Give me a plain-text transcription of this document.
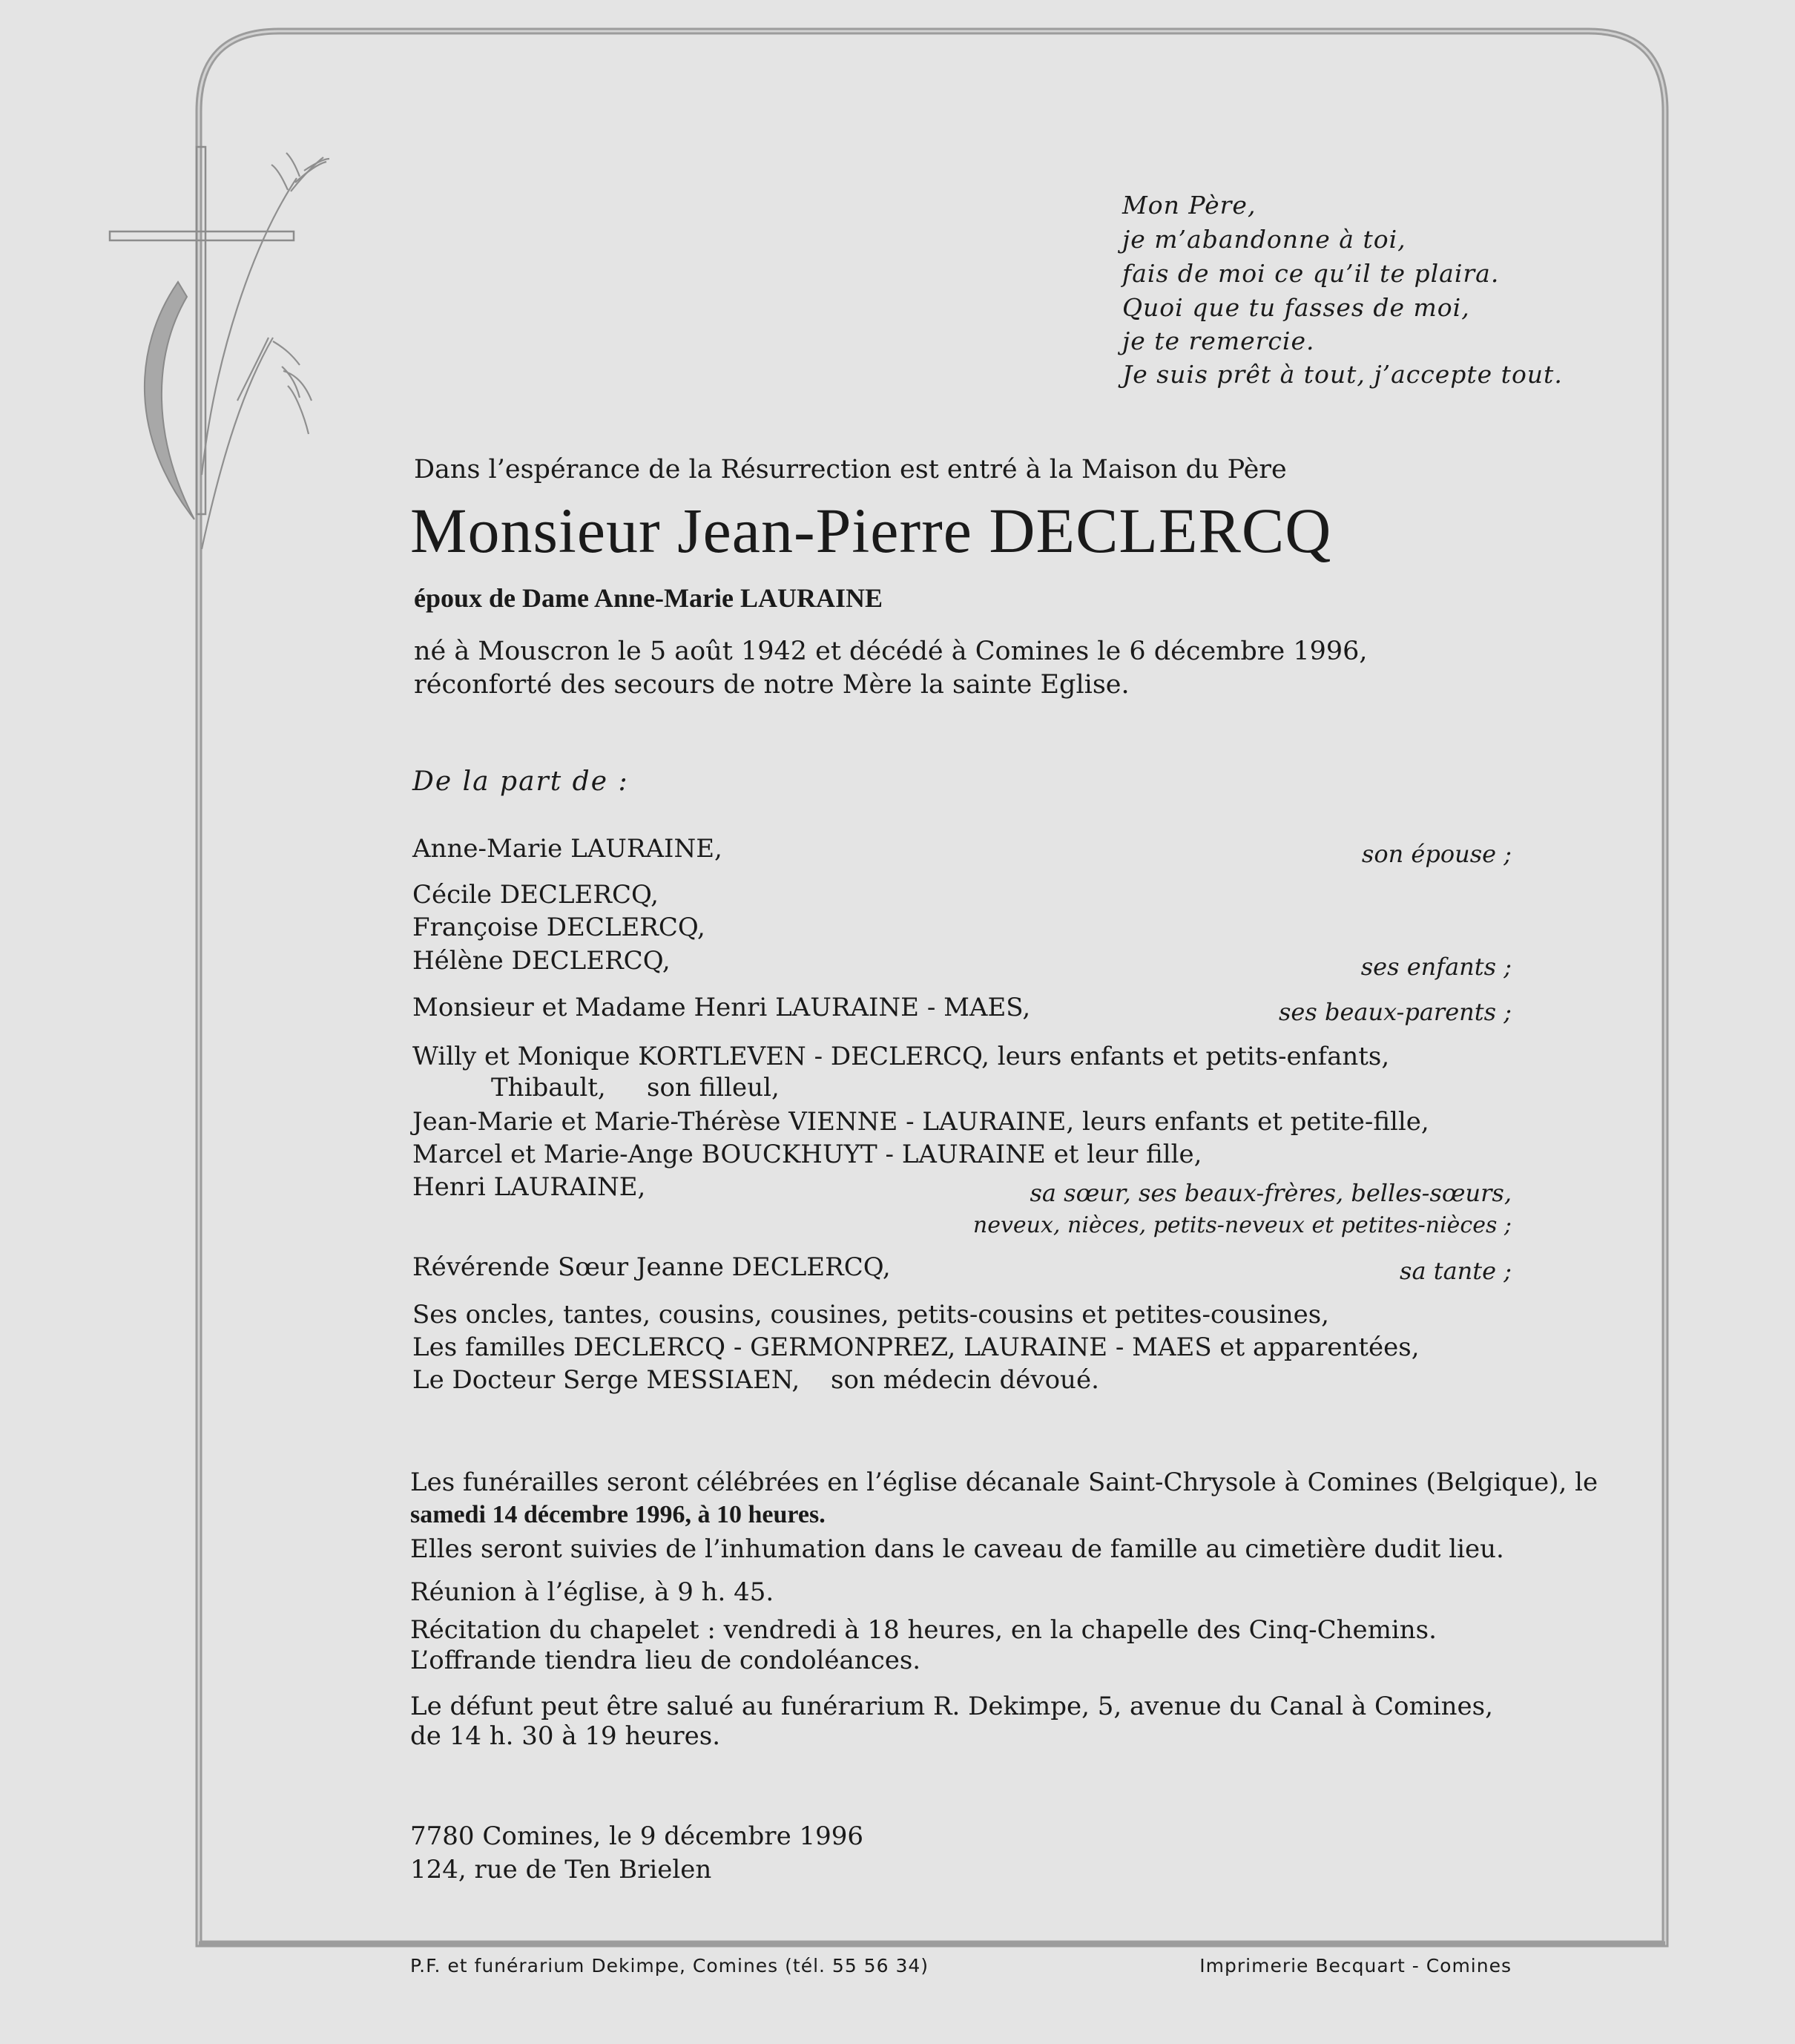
Mon Père,
je m’abandonne à toi,
fais de moi ce qu’il te plaira.
Quoi que tu fasses de moi,
je te remercie.
Je suis prêt à tout, j’accepte tout.
Dans l’espérance de la Résurrection est entré à la Maison du Père
Monsieur Jean-Pierre DECLERCQ
époux de Dame Anne-Marie LAURAINE
né à Mouscron le 5 août 1942 et décédé à Comines le 6 décembre 1996,
réconforté des secours de notre Mère la sainte Eglise.
De la part de :
Anne-Marie LAURAINE,	son épouse ;
Cécile DECLERCQ,
Françoise DECLERCQ,
Hélène DECLERCQ,	ses enfants ;
Monsieur et Madame Henri LAURAINE - MAES,	ses beaux-parents ;
Willy et Monique KORTLEVEN - DECLERCQ, leurs enfants et petits-enfants,
Thibault, son filleul,
Jean-Marie et Marie-Thérèse VIENNE - LAURAINE, leurs enfants et petite-fille,
Marcel et Marie-Ange BOUCKHUYT - LAURAINE et leur fille,
Henri LAURAINE,	sa sœur, ses beaux-frères, belles-sœurs,
neveux, nièces, petits-neveux et petites-nièces ;
Révérende Sœur Jeanne DECLERCQ,	sa tante ;
Ses oncles, tantes, cousins, cousines, petits-cousins et petites-cousines,
Les familles DECLERCQ - GERMONPREZ, LAURAINE - MAES et apparentées,
Le Docteur Serge MESSIAEN, son médecin dévoué.
Les funérailles seront célébrées en l’église décanale Saint-Chrysole à Comines (Belgique), le
samedi 14 décembre 1996, à 10 heures.
Elles seront suivies de l’inhumation dans le caveau de famille au cimetière dudit lieu.
Réunion à l’église, à 9 h. 45.
Récitation du chapelet : vendredi à 18 heures, en la chapelle des Cinq-Chemins.
L’offrande tiendra lieu de condoléances.
Le défunt peut être salué au funérarium R. Dekimpe, 5, avenue du Canal à Comines,
de 14 h. 30 à 19 heures.
7780 Comines, le 9 décembre 1996
124, rue de Ten Brielen
P.F. et funérarium Dekimpe, Comines (tél. 55 56 34)	Imprimerie Becquart - Comines
